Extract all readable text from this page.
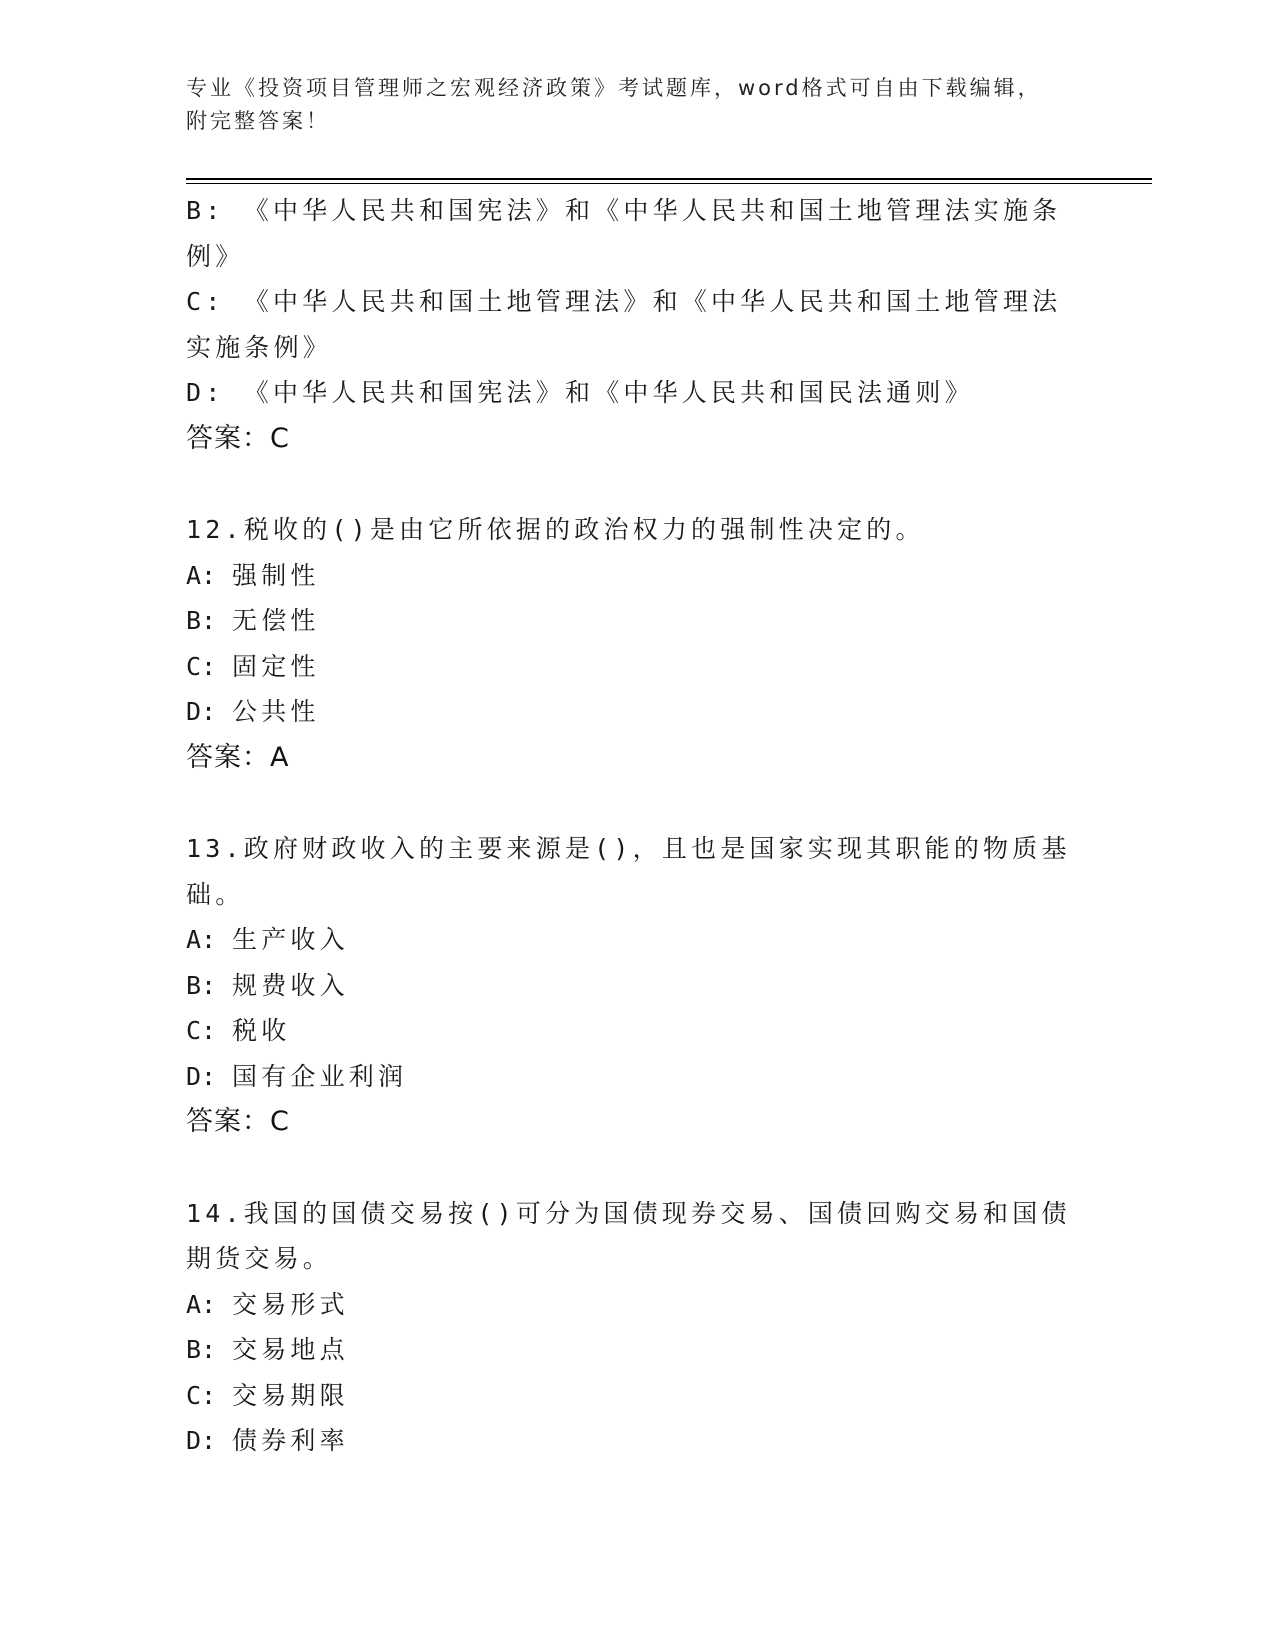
专业《投资项目管理师之宏观经济政策》考试题库，word格式可自由下载编辑，
附完整答案！
B: 《中华人民共和国宪法》和《中华人民共和国土地管理法实施条例》
C: 《中华人民共和国土地管理法》和《中华人民共和国土地管理法实施条例》
D: 《中华人民共和国宪法》和《中华人民共和国民法通则》
答案：C
12.税收的()是由它所依据的政治权力的强制性决定的。
A: 强制性
B: 无偿性
C: 固定性
D: 公共性
答案：A
13.政府财政收入的主要来源是()，且也是国家实现其职能的物质基础。
A: 生产收入
B: 规费收入
C: 税收
D: 国有企业利润
答案：C
14.我国的国债交易按()可分为国债现券交易、国债回购交易和国债期货交易。
A: 交易形式
B: 交易地点
C: 交易期限
D: 债券利率
